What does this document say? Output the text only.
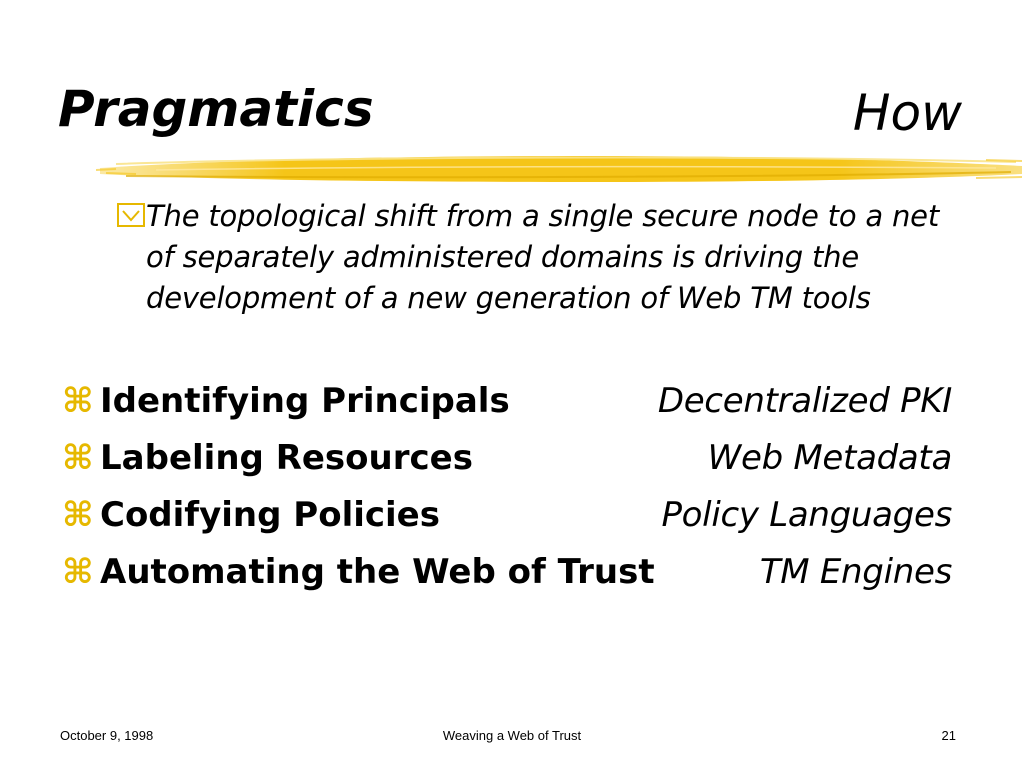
Pragmatics	How
The topological shift from a single secure node to a net of separately administered domains is driving the development of a new generation of Web TM tools
⌘ Identifying Principals	Decentralized PKI
⌘ Labeling Resources	Web Metadata
⌘ Codifying Policies	Policy Languages
⌘ Automating the Web of Trust	TM Engines
October 9, 1998	Weaving a Web of Trust	21
